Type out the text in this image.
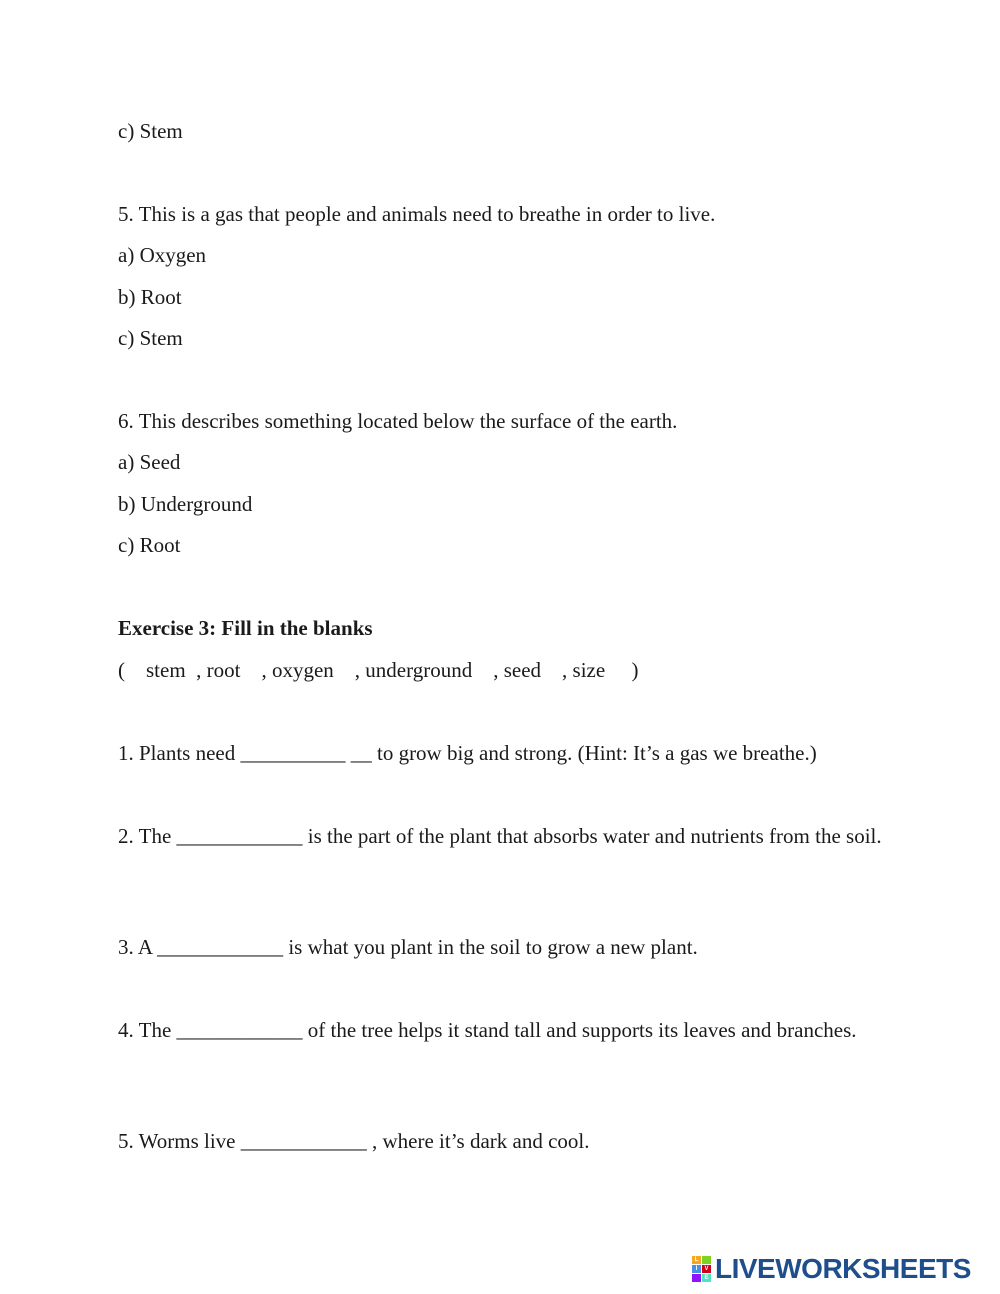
c) Stem
5. This is a gas that people and animals need to breathe in order to live.
a) Oxygen
b) Root
c) Stem
6. This describes something located below the surface of the earth.
a) Seed
b) Underground
c) Root
Exercise 3: Fill in the blanks
(    stem  , root    , oxygen    , underground    , seed    , size     )
1. Plants need __________ __ to grow big and strong. (Hint: It’s a gas we breathe.)
2. The ____________ is the part of the plant that absorbs water and nutrients from the soil.
3. A ____________ is what you plant in the soil to grow a new plant.
4. The ____________ of the tree helps it stand tall and supports its leaves and branches.
5. Worms live ____________ , where it’s dark and cool.
L
I	V
E LIVEWORKSHEETS
